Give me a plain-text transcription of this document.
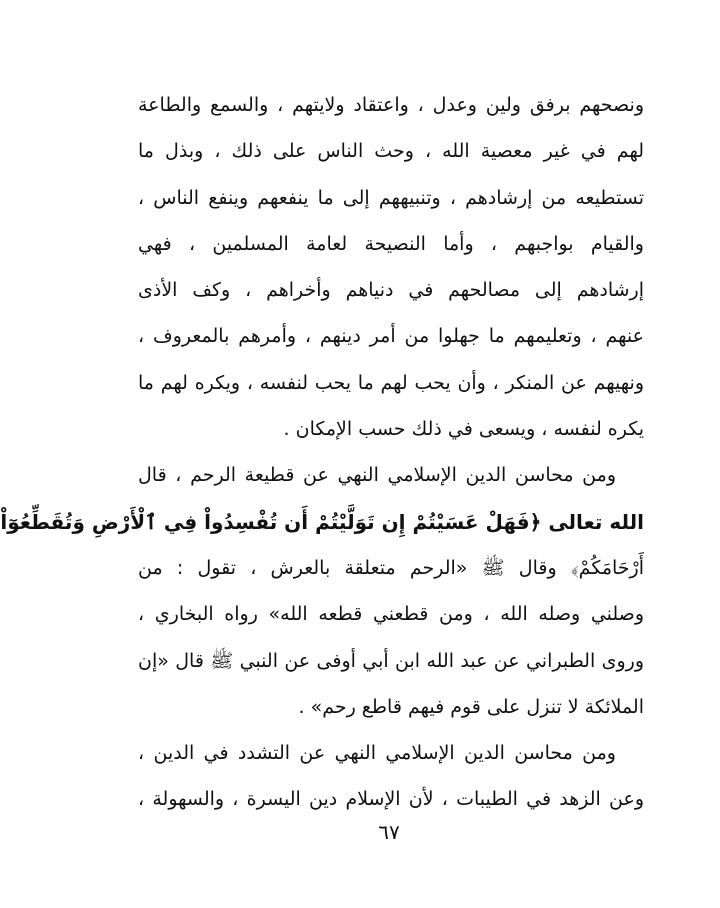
ونصحهم برفق ولين وعدل ، واعتقاد ولايتهم ، والسمع والطاعة
لهم في غير معصية الله ، وحث الناس على ذلك ، وبذل ما
تستطيعه من إرشادهم ، وتنبيههم إلى ما ينفعهم وينفع الناس ،
والقيام بواجبهم ، وأما النصيحة لعامة المسلمين ، فهي
إرشادهم إلى مصالحهم في دنياهم وأخراهم ، وكف الأذى
عنهم ، وتعليمهم ما جهلوا من أمر دينهم ، وأمرهم بالمعروف ،
ونهيهم عن المنكر ، وأن يحب لهم ما يحب لنفسه ، ويكره لهم ما
يكره لنفسه ، ويسعى في ذلك حسب الإمكان .
ومن محاسن الدين الإسلامي النهي عن قطيعة الرحم ، قال
الله تعالى ﴿فَهَلْ عَسَيْتُمْ إِن تَوَلَّيْتُمْ أَن تُفْسِدُواْ فِي ٱلْأَرْضِ وَتُقَطِّعُوٓاْ
أَرْحَامَكُمْ﴾ وقال ﷺ «الرحم متعلقة بالعرش ، تقول : من
وصلني وصله الله ، ومن قطعني قطعه الله» رواه البخاري ،
وروى الطبراني عن عبد الله ابن أبي أوفى عن النبي ﷺ قال «إن
الملائكة لا تنزل على قوم فيهم قاطع رحم» .
ومن محاسن الدين الإسلامي النهي عن التشدد في الدين ،
وعن الزهد في الطيبات ، لأن الإسلام دين اليسرة ، والسهولة ،
٦٧
